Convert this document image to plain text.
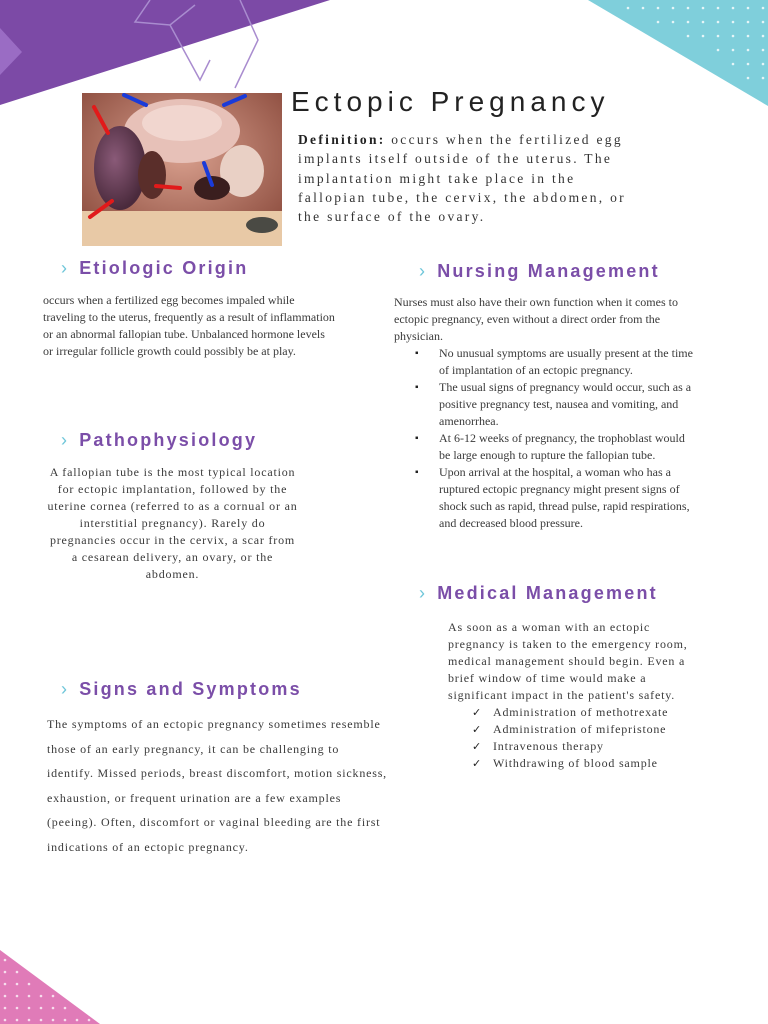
Ectopic Pregnancy
Definition: occurs when the fertilized egg implants itself outside of the uterus. The implantation might take place in the fallopian tube, the cervix, the abdomen, or the surface of the ovary.
› Etiologic Origin
occurs when a fertilized egg becomes impaled while traveling to the uterus, frequently as a result of inflammation or an abnormal fallopian tube. Unbalanced hormone levels or irregular follicle growth could possibly be at play.
› Pathophysiology
A fallopian tube is the most typical location for ectopic implantation, followed by the uterine cornea (referred to as a cornual or an interstitial pregnancy). Rarely do pregnancies occur in the cervix, a scar from a cesarean delivery, an ovary, or the abdomen.
› Signs and Symptoms
The symptoms of an ectopic pregnancy sometimes resemble those of an early pregnancy, it can be challenging to identify. Missed periods, breast discomfort, motion sickness, exhaustion, or frequent urination are a few examples (peeing). Often, discomfort or vaginal bleeding are the first indications of an ectopic pregnancy.
› Nursing Management
Nurses must also have their own function when it comes to ectopic pregnancy, even without a direct order from the physician.
▪ No unusual symptoms are usually present at the time of implantation of an ectopic pregnancy.
▪ The usual signs of pregnancy would occur, such as a positive pregnancy test, nausea and vomiting, and amenorrhea.
▪ At 6-12 weeks of pregnancy, the trophoblast would be large enough to rupture the fallopian tube.
▪ Upon arrival at the hospital, a woman who has a ruptured ectopic pregnancy might present signs of shock such as rapid, thread pulse, rapid respirations, and decreased blood pressure.
› Medical Management
As soon as a woman with an ectopic pregnancy is taken to the emergency room, medical management should begin. Even a brief window of time would make a significant impact in the patient's safety.
✓ Administration of methotrexate
✓ Administration of mifepristone
✓ Intravenous therapy
✓ Withdrawing of blood sample
